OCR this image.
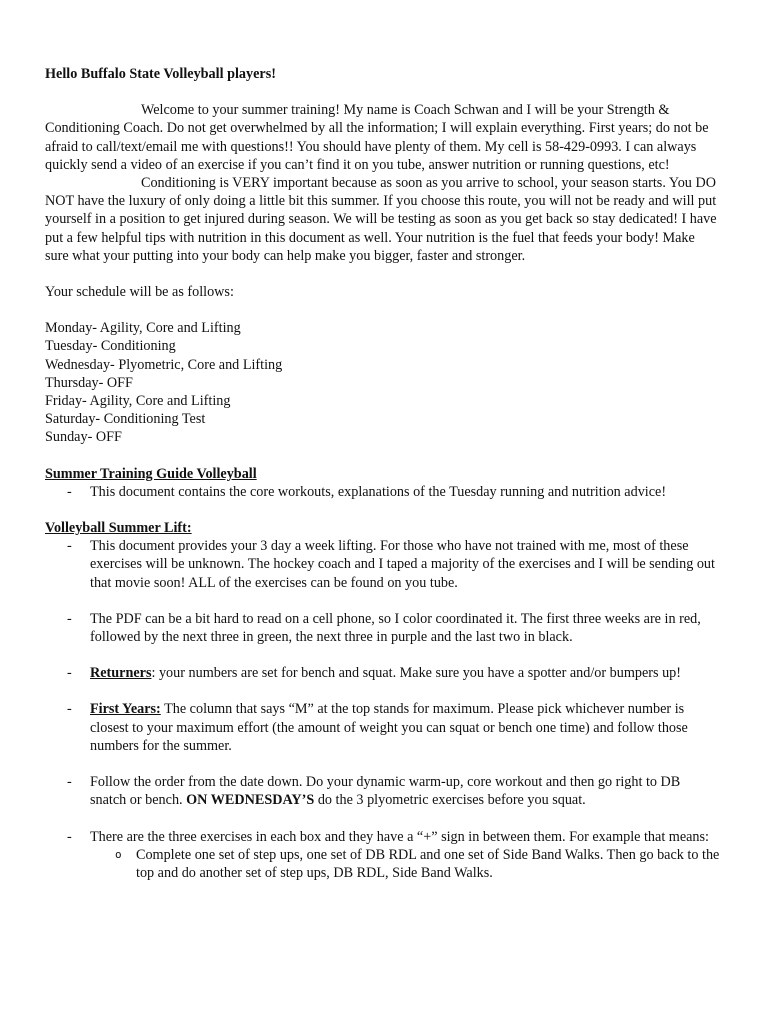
Hello Buffalo State Volleyball players!

Welcome to your summer training! My name is Coach Schwan and I will be your Strength & Conditioning Coach. Do not get overwhelmed by all the information; I will explain everything. First years; do not be afraid to call/text/email me with questions!! You should have plenty of them. My cell is 58-429-0993. I can always quickly send a video of an exercise if you can’t find it on you tube, answer nutrition or running questions, etc!

Conditioning is VERY important because as soon as you arrive to school, your season starts. You DO NOT have the luxury of only doing a little bit this summer. If you choose this route, you will not be ready and will put yourself in a position to get injured during season. We will be testing as soon as you get back so stay dedicated! I have put a few helpful tips with nutrition in this document as well. Your nutrition is the fuel that feeds your body! Make sure what your putting into your body can help make you bigger, faster and stronger.

Your schedule will be as follows:

Monday- Agility, Core and Lifting

Tuesday- Conditioning

Wednesday- Plyometric, Core and Lifting

Thursday- OFF

Friday- Agility, Core and Lifting

Saturday- Conditioning Test

Sunday- OFF

Summer Training Guide Volleyball

- This document contains the core workouts, explanations of the Tuesday running and nutrition advice!

Volleyball Summer Lift:

- This document provides your 3 day a week lifting. For those who have not trained with me, most of these exercises will be unknown. The hockey coach and I taped a majority of the exercises and I will be sending out that movie soon! ALL of the exercises can be found on you tube.
- The PDF can be a bit hard to read on a cell phone, so I color coordinated it. The first three weeks are in red, followed by the next three in green, the next three in purple and the last two in black.
- Returners: your numbers are set for bench and squat. Make sure you have a spotter and/or bumpers up!
- First Years: The column that says “M” at the top stands for maximum. Please pick whichever number is closest to your maximum effort (the amount of weight you can squat or bench one time) and follow those numbers for the summer.
- Follow the order from the date down. Do your dynamic warm-up, core workout and then go right to DB snatch or bench. ON WEDNESDAY’S do the 3 plyometric exercises before you squat.
- There are the three exercises in each box and they have a “+” sign in between them. For example that means:
o Complete one set of step ups, one set of DB RDL and one set of Side Band Walks. Then go back to the top and do another set of step ups, DB RDL, Side Band Walks.
